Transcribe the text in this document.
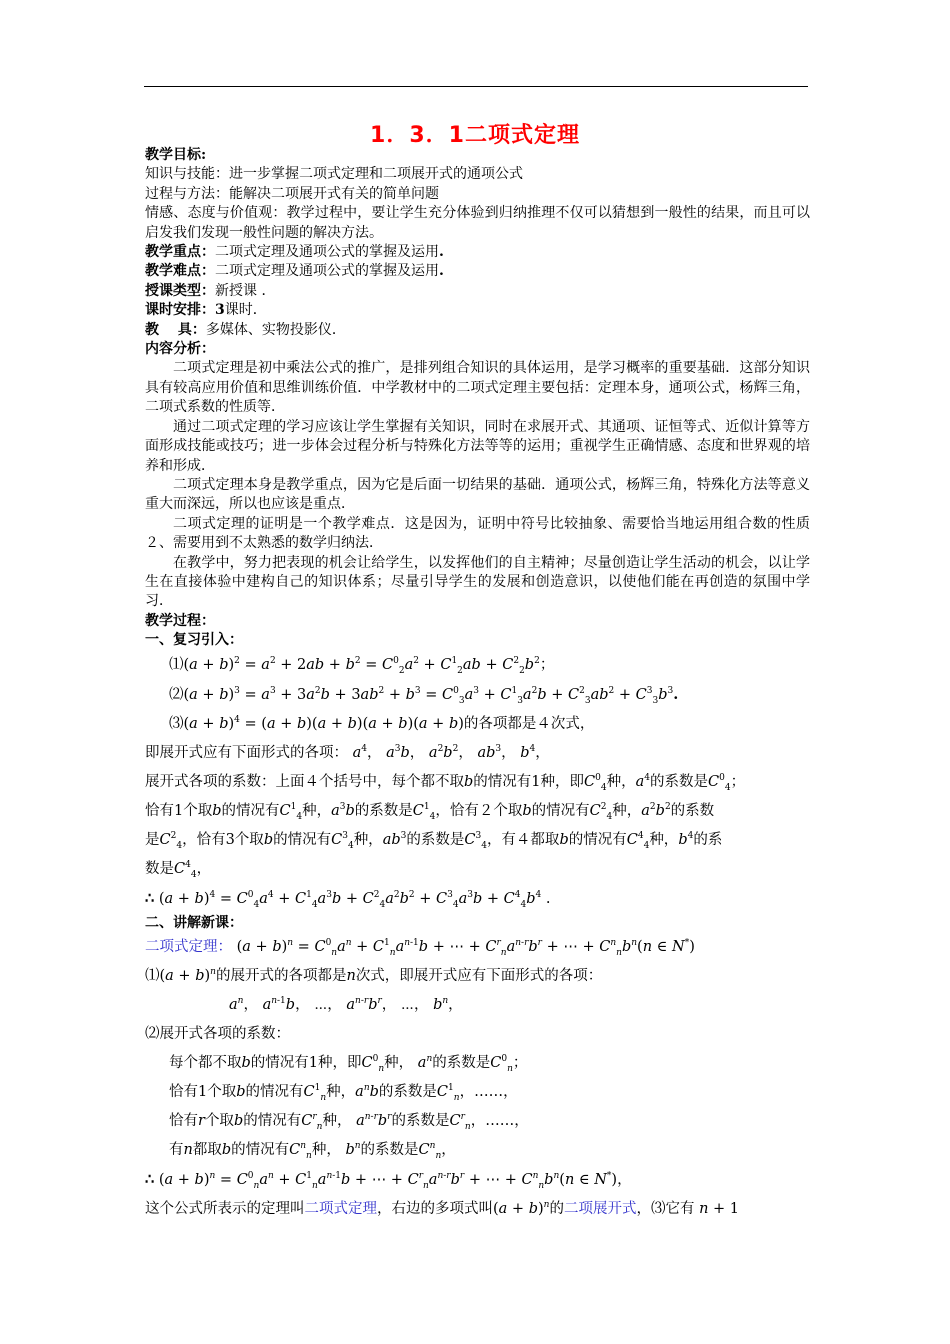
1．3．1二项式定理
教学目标:
知识与技能：进一步掌握二项式定理和二项展开式的通项公式
过程与方法：能解决二项展开式有关的简单问题
情感、态度与价值观：教学过程中，要让学生充分体验到归纳推理不仅可以猜想到一般性的结果，而且可以启发我们发现一般性问题的解决方法。
教学重点：二项式定理及通项公式的掌握及运用.
教学难点：二项式定理及通项公式的掌握及运用.
授课类型：新授课 ．
课时安排：3课时．
教　 具：多媒体、实物投影仪．
内容分析：
二项式定理是初中乘法公式的推广，是排列组合知识的具体运用，是学习概率的重要基础．这部分知识具有较高应用价值和思维训练价值．中学教材中的二项式定理主要包括：定理本身，通项公式，杨辉三角，二项式系数的性质等．
通过二项式定理的学习应该让学生掌握有关知识，同时在求展开式、其通项、证恒等式、近似计算等方面形成技能或技巧；进一步体会过程分析与特殊化方法等等的运用；重视学生正确情感、态度和世界观的培养和形成．
二项式定理本身是教学重点，因为它是后面一切结果的基础．通项公式，杨辉三角，特殊化方法等意义重大而深远，所以也应该是重点．
二项式定理的证明是一个教学难点．这是因为，证明中符号比较抽象、需要恰当地运用组合数的性质２、需要用到不太熟悉的数学归纳法．
在教学中，努力把表现的机会让给学生，以发挥他们的自主精神；尽量创造让学生活动的机会，以让学生在直接体验中建构自己的知识体系；尽量引导学生的发展和创造意识，以使他们能在再创造的氛围中学习．
教学过程：
一、复习引入：
⑴(a + $b)^2 = a^2 + 2ab + b^2 = C^0_2a^2 + C^1_2ab + C^2_2b^2$；
⑵(a + $b)^3 = a^3 + 3a^2b + 3ab^2 + b^3 = C^0_3a^3 + C^1_3a^2b + C^2_3ab^2 + C^3_3b^3$.
⑶(a + b)$^4$ = (a + b)(a + b)(a + b)(a + b)的各项都是４次式，
即展开式应有下面形式的各项： $a^4$， $a^3b$， $a^2b^2$， $ab^3$， $b^4$，
展开式各项的系数：上面４个括号中，每个都不取b的情况有1种，即$C^0_4$种，$a^4$的系数是$C^0_4$；
恰有1个取b的情况有$C^1_4$种，$a^3b$的系数是$C^1_4$，恰有２个取b的情况有$C^2_4$种，$a^2b^2$的系数
是$C^2_4$，恰有3个取b的情况有$C^3_4$种，$ab^3$的系数是$C^3_4$，有４都取b的情况有$C^4_4$种，$b^4$的系
数是$C^4_4$，
∴ $(a + b)^4 = C^0_4a^4 + C^1_4a^3b + C^2_4a^2b^2 + C^3_4a^3b + C^4_4b^4$ .
二、讲解新课：
二项式定理： $(a + b)^n = C^0_na^n + C^1_na^{n-1}b$ + ⋯ + $C^r_na^{n-r}b^r$ + ⋯ + $C^n_nb^n(n$ ∈ N*)
⑴(a + b)$^n$的展开式的各项都是n次式，即展开式应有下面形式的各项：
$a^n$， $a^{n-1}b$， ⋯， $a^{n-r}b^r$， ⋯， $b^n$，
⑵展开式各项的系数：
每个都不取b的情况有1种，即$C^0_n$种， $a^n$的系数是$C^0_n$；
恰有1个取b的情况有$C^1_n$种，$a^nb$的系数是$C^1_n$，……，
恰有r个取b的情况有$C^r_n$种， $a^{n-r}b^r$的系数是$C^r_n$，……，
有n都取b的情况有$C^n_n$种， $b^n$的系数是$C^n_n$，
∴ $(a + b)^n = C^0_na^n + C^1_na^{n-1}b$ + ⋯ + $C^r_na^{n-r}b^r$ + ⋯ + $C^n_nb^n(n$ ∈ N*)，
这个公式所表示的定理叫二项式定理，右边的多项式叫$(a + b)^n$的二项展开式，⑶它有 n + 1
